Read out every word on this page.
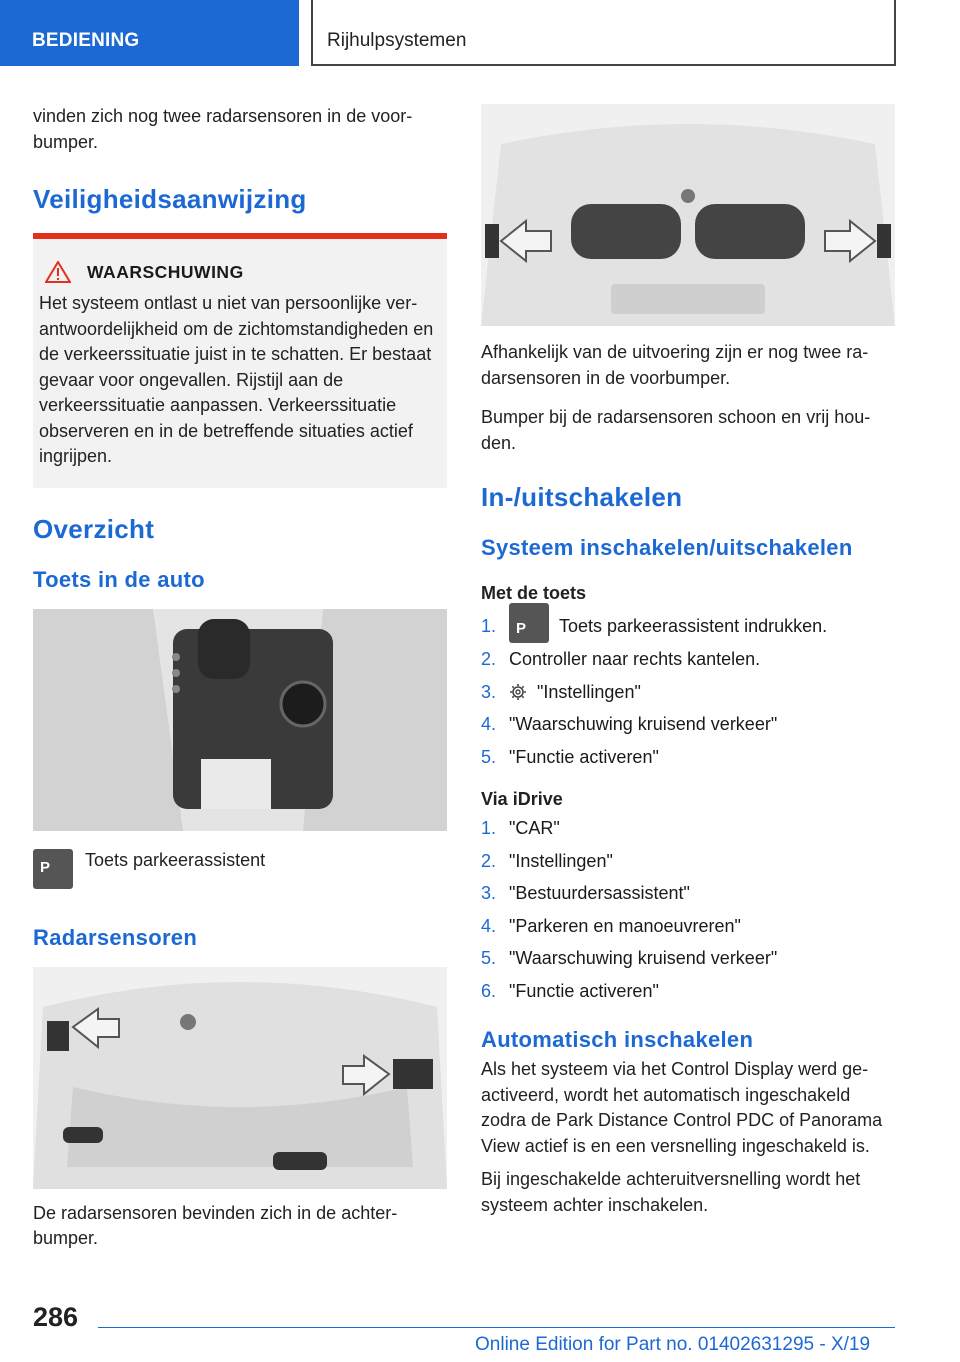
BEDIENING	Rijhulpsystemen

vinden zich nog twee radarsensoren in de voorbumper.

Veiligheidsaanwijzing
WAARSCHUWING

Het systeem ontlast u niet van persoonlijke verantwoordelijkheid om de zichtomstandigheden en de verkeerssituatie juist in te schatten. Er bestaat gevaar voor ongevallen. Rijstijl aan de verkeerssituatie aanpassen. Verkeerssituatie observeren en in de betreffende situaties actief ingrijpen.

Overzicht
Toets in de auto
P Toets parkeerassistent
Radarsensoren

De radarsensoren bevinden zich in de achterbumper.

Afhankelijk van de uitvoering zijn er nog twee radarsensoren in de voorbumper.

Bumper bij de radarsensoren schoon en vrij houden.

In-/uitschakelen
Systeem inschakelen/uitschakelen
Met de toets
1.	P Toets parkeerassistent indrukken.
2. Controller naar rechts kantelen.
3.	"Instellingen"
4. "Waarschuwing kruisend verkeer"
5. "Functie activeren"
Via iDrive
1. "CAR"
2. "Instellingen"
3. "Bestuurdersassistent"
4. "Parkeren en manoeuvreren"
5. "Waarschuwing kruisend verkeer"
6. "Functie activeren"
Automatisch inschakelen

Als het systeem via het Control Display werd geactiveerd, wordt het automatisch ingeschakeld zodra de Park Distance Control PDC of Panorama View actief is en een versnelling ingeschakeld is.

Bij ingeschakelde achteruitversnelling wordt het systeem achter inschakelen.

286
Online Edition for Part no. 01402631295 - X/19
